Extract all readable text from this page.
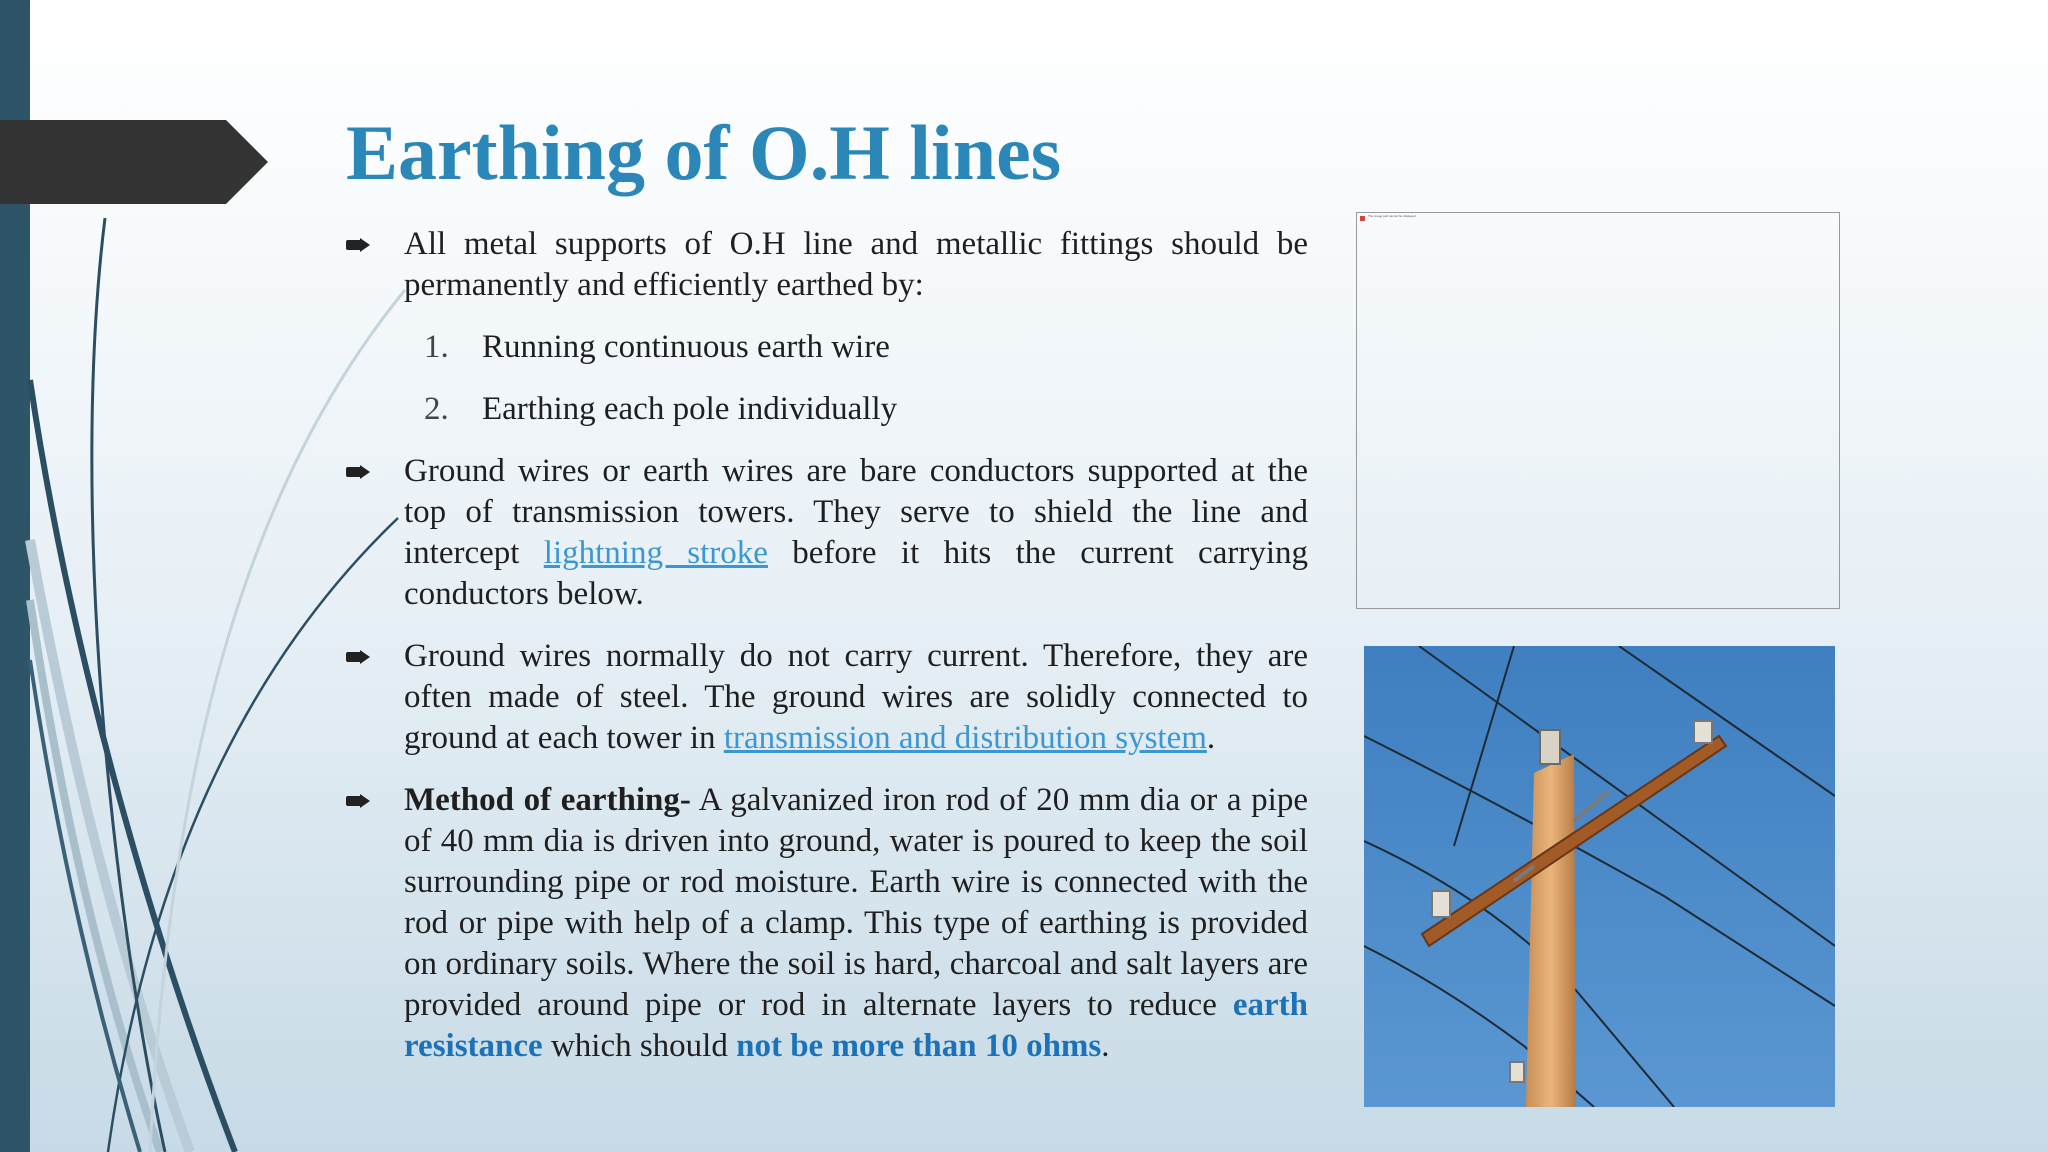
Earthing of O.H lines
All metal supports of O.H line and metallic fittings should be permanently and efficiently earthed by:
1. Running continuous earth wire
2. Earthing each pole individually
Ground wires or earth wires are bare conductors supported at the top of transmission towers. They serve to shield the line and intercept lightning stroke before it hits the current carrying conductors below.
Ground wires normally do not carry current. Therefore, they are often made of steel. The ground wires are solidly connected to ground at each tower in transmission and distribution system.
Method of earthing- A galvanized iron rod of 20 mm dia or a pipe of 40 mm dia is driven into ground, water is poured to keep the soil surrounding pipe or rod moisture. Earth wire is connected with the rod or pipe with help of a clamp. This type of earthing is provided on ordinary soils. Where the soil is hard, charcoal and salt layers are provided around pipe or rod in alternate layers to reduce earth resistance which should not be more than 10 ohms.
The image part cannot be displayed.
